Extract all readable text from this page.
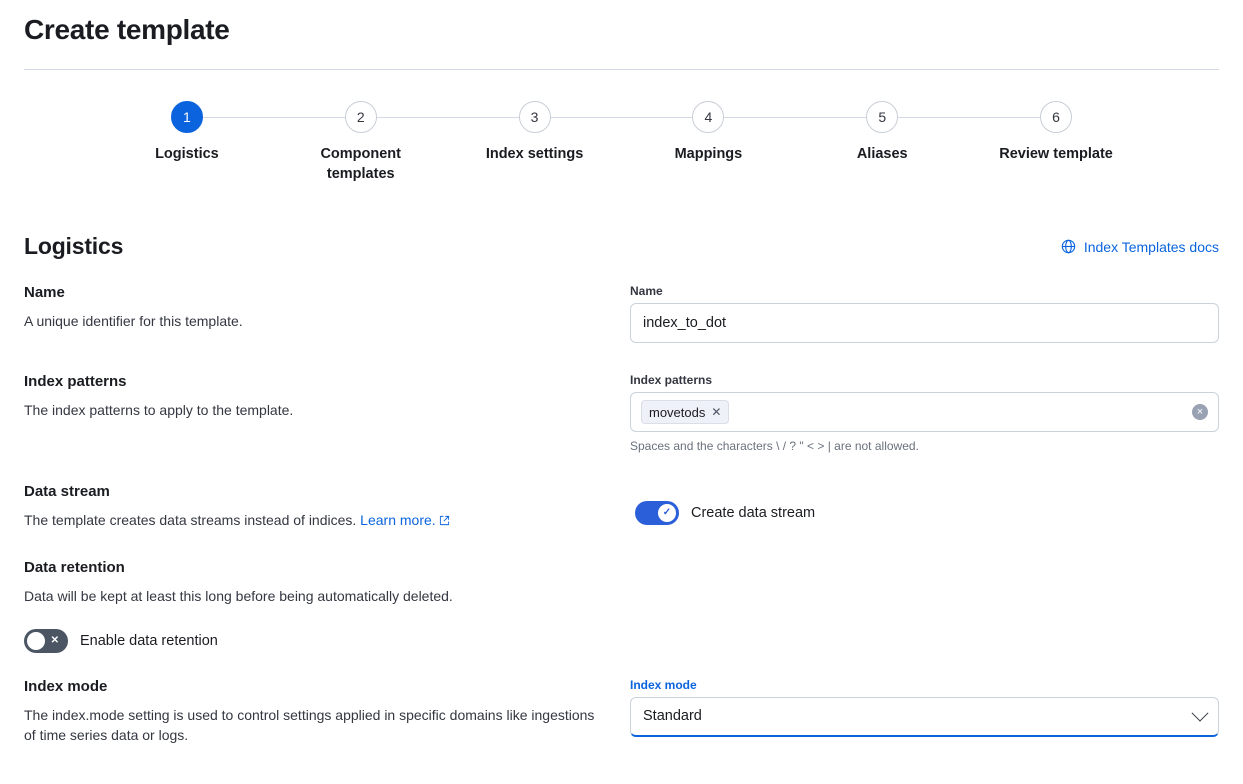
Create template
1
Logistics
2
Component templates
3
Index settings
4
Mappings
5
Aliases
6
Review template
Logistics	Index Templates docs

Name

A unique identifier for this template.

Name
index_to_dot

Index patterns

The index patterns to apply to the template.

Index patterns
movetods ✕	×
Spaces and the characters \ / ? " < > | are not allowed.

Data stream

The template creates data streams instead of indices. Learn more.	✓ Create data stream

Data retention

Data will be kept at least this long before being automatically deleted.

✕ Enable data retention

Index mode

The index.mode setting is used to control settings applied in specific domains like ingestions of time series data or logs.

Index mode
Standard
